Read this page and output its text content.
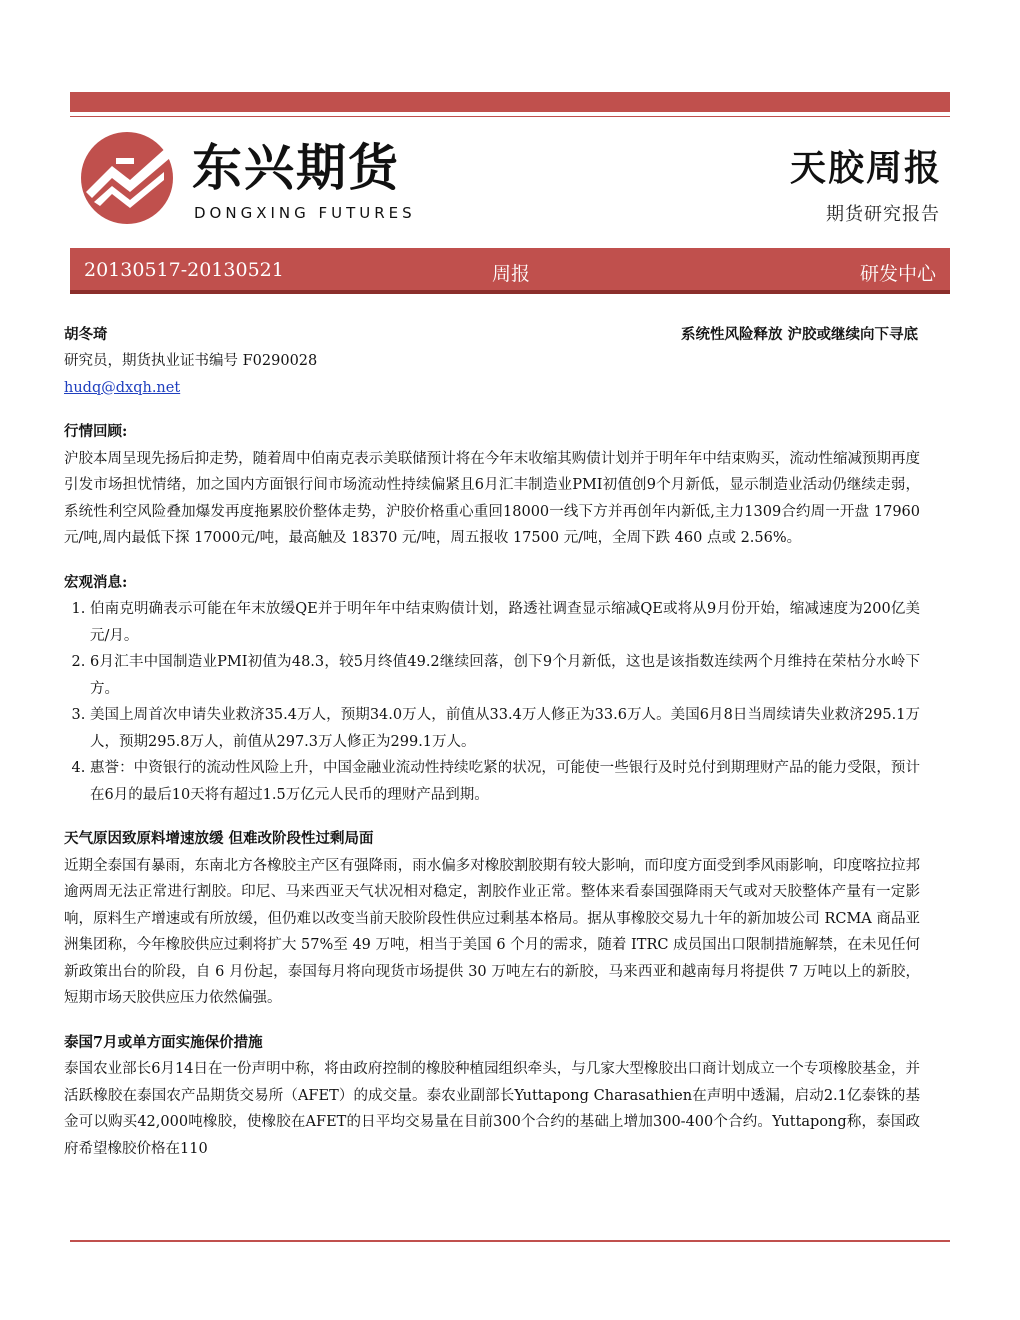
东兴期货
DONGXING FUTURES
天胶周报
期货研究报告
20130517-20130521	周报	研发中心
胡冬琦	系统性风险释放 沪胶或继续向下寻底
研究员，期货执业证书编号 F0290028
hudq@dxqh.net
行情回顾:

沪胶本周呈现先扬后抑走势，随着周中伯南克表示美联储预计将在今年末收缩其购债计划并于明年年中结束购买，流动性缩减预期再度引发市场担忧情绪，加之国内方面银行间市场流动性持续偏紧且6月汇丰制造业PMI初值创9个月新低，显示制造业活动仍继续走弱，系统性利空风险叠加爆发再度拖累胶价整体走势，沪胶价格重心重回18000一线下方并再创年内新低,主力1309合约周一开盘 17960元/吨,周内最低下探 17000元/吨，最高触及 18370 元/吨，周五报收 17500 元/吨，全周下跌 460 点或 2.56%。

宏观消息:
1. 伯南克明确表示可能在年末放缓QE并于明年年中结束购债计划，路透社调查显示缩减QE或将从9月份开始，缩减速度为200亿美元/月。
2. 6月汇丰中国制造业PMI初值为48.3，较5月终值49.2继续回落，创下9个月新低，这也是该指数连续两个月维持在荣枯分水岭下方。
3. 美国上周首次申请失业救济35.4万人，预期34.0万人，前值从33.4万人修正为33.6万人。美国6月8日当周续请失业救济295.1万人，预期295.8万人，前值从297.3万人修正为299.1万人。
4. 惠誉：中资银行的流动性风险上升，中国金融业流动性持续吃紧的状况，可能使一些银行及时兑付到期理财产品的能力受限，预计在6月的最后10天将有超过1.5万亿元人民币的理财产品到期。
天气原因致原料增速放缓 但难改阶段性过剩局面

近期全泰国有暴雨，东南北方各橡胶主产区有强降雨，雨水偏多对橡胶割胶期有较大影响，而印度方面受到季风雨影响，印度喀拉拉邦逾两周无法正常进行割胶。印尼、马来西亚天气状况相对稳定，割胶作业正常。整体来看泰国强降雨天气或对天胶整体产量有一定影响，原料生产增速或有所放缓，但仍难以改变当前天胶阶段性供应过剩基本格局。据从事橡胶交易九十年的新加坡公司 RCMA 商品亚洲集团称，今年橡胶供应过剩将扩大 57%至 49 万吨，相当于美国 6 个月的需求，随着 ITRC 成员国出口限制措施解禁，在未见任何新政策出台的阶段，自 6 月份起，泰国每月将向现货市场提供 30 万吨左右的新胶，马来西亚和越南每月将提供 7 万吨以上的新胶，短期市场天胶供应压力依然偏强。

泰国7月或单方面实施保价措施

泰国农业部长6月14日在一份声明中称，将由政府控制的橡胶种植园组织牵头，与几家大型橡胶出口商计划成立一个专项橡胶基金，并活跃橡胶在泰国农产品期货交易所（AFET）的成交量。泰农业副部长Yuttapong Charasathien在声明中透漏，启动2.1亿泰铢的基金可以购买42,000吨橡胶，使橡胶在AFET的日平均交易量在目前300个合约的基础上增加300-400个合约。Yuttapong称，泰国政府希望橡胶价格在110
